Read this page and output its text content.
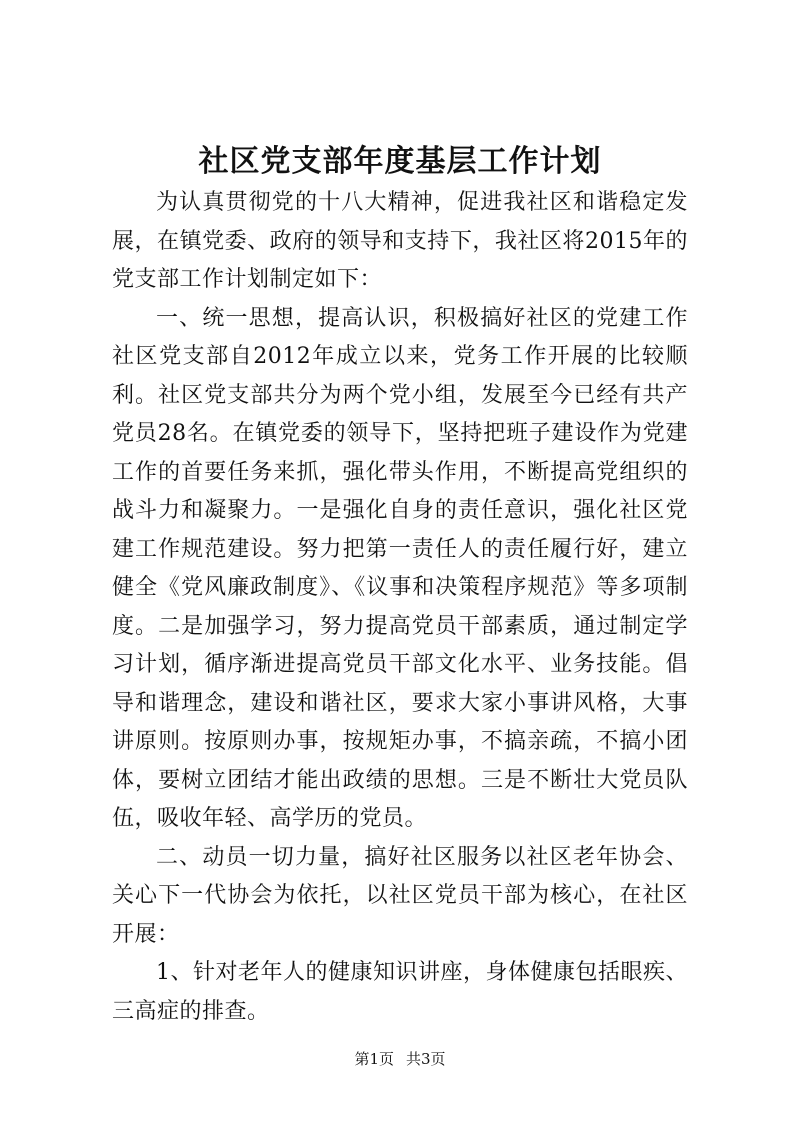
社区党支部年度基层工作计划

为认真贯彻党的十八大精神，促进我社区和谐稳定发展，在镇党委、政府的领导和支持下，我社区将2015年的党支部工作计划制定如下：

一、统一思想，提高认识，积极搞好社区的党建工作社区党支部自2012年成立以来，党务工作开展的比较顺利。社区党支部共分为两个党小组，发展至今已经有共产党员28名。在镇党委的领导下，坚持把班子建设作为党建工作的首要任务来抓，强化带头作用，不断提高党组织的战斗力和凝聚力。一是强化自身的责任意识，强化社区党建工作规范建设。努力把第一责任人的责任履行好，建立健全《党风廉政制度》、《议事和决策程序规范》等多项制度。二是加强学习，努力提高党员干部素质，通过制定学习计划，循序渐进提高党员干部文化水平、业务技能。倡导和谐理念，建设和谐社区，要求大家小事讲风格，大事讲原则。按原则办事，按规矩办事，不搞亲疏，不搞小团体，要树立团结才能出政绩的思想。三是不断壮大党员队伍，吸收年轻、高学历的党员。

二、动员一切力量，搞好社区服务以社区老年协会、关心下一代协会为依托，以社区党员干部为核心，在社区开展：

1、针对老年人的健康知识讲座，身体健康包括眼疾、三高症的排查。

第1页 共3页
